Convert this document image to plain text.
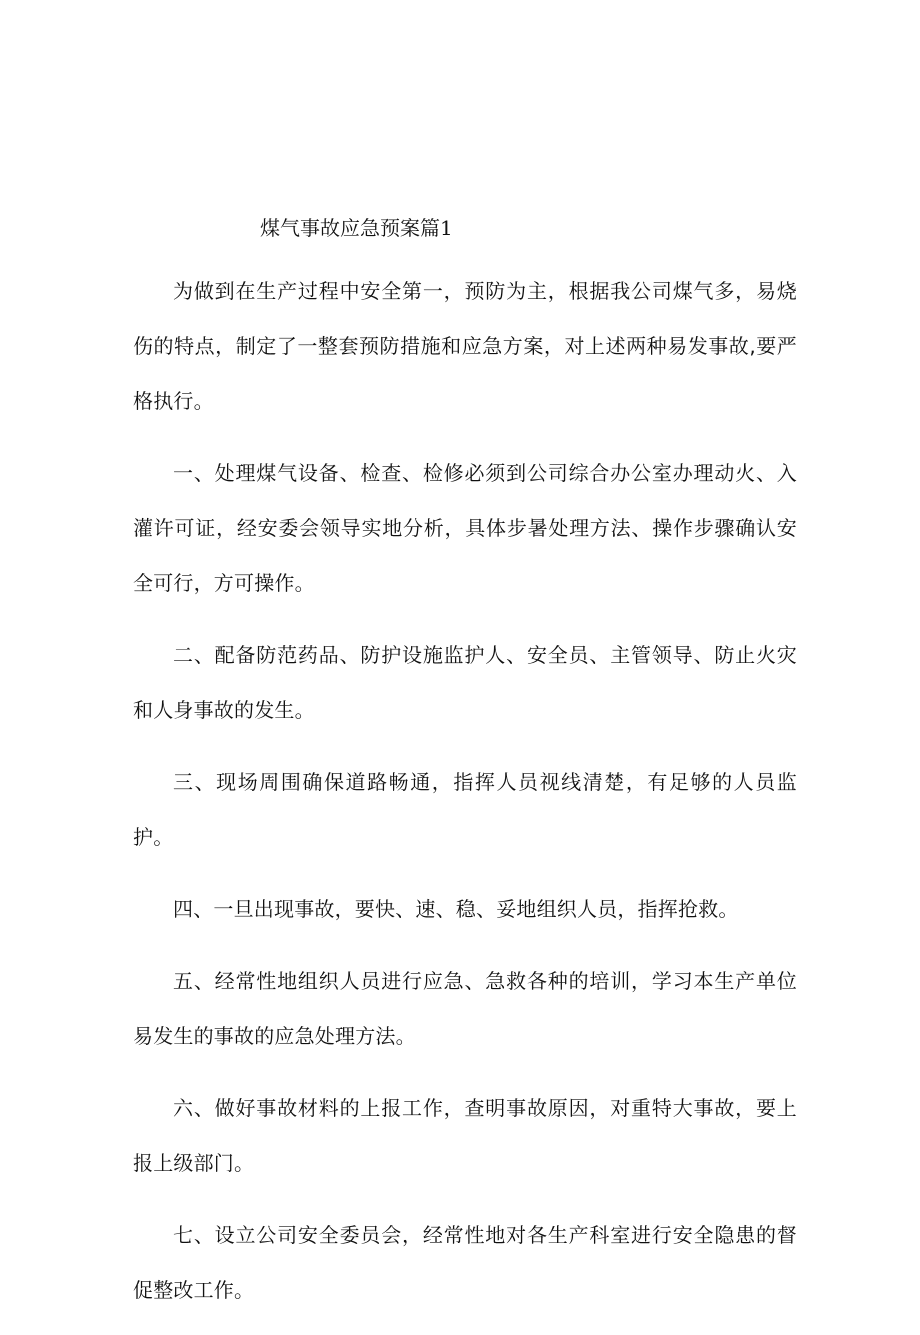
煤气事故应急预案篇1

为做到在生产过程中安全第一，预防为主，根据我公司煤气多，易烧伤的特点，制定了一整套预防措施和应急方案，对上述两种易发事故,要严格执行。

一、处理煤气设备、检查、检修必须到公司综合办公室办理动火、入灌许可证，经安委会领导实地分析，具体步暑处理方法、操作步骤确认安全可行，方可操作。

二、配备防范药品、防护设施监护人、安全员、主管领导、防止火灾和人身事故的发生。

三、现场周围确保道路畅通，指挥人员视线清楚，有足够的人员监护。

四、一旦出现事故，要快、速、稳、妥地组织人员，指挥抢救。

五、经常性地组织人员进行应急、急救各种的培训，学习本生产单位易发生的事故的应急处理方法。

六、做好事故材料的上报工作，查明事故原因，对重特大事故，要上报上级部门。

七、设立公司安全委员会，经常性地对各生产科室进行安全隐患的督促整改工作。
